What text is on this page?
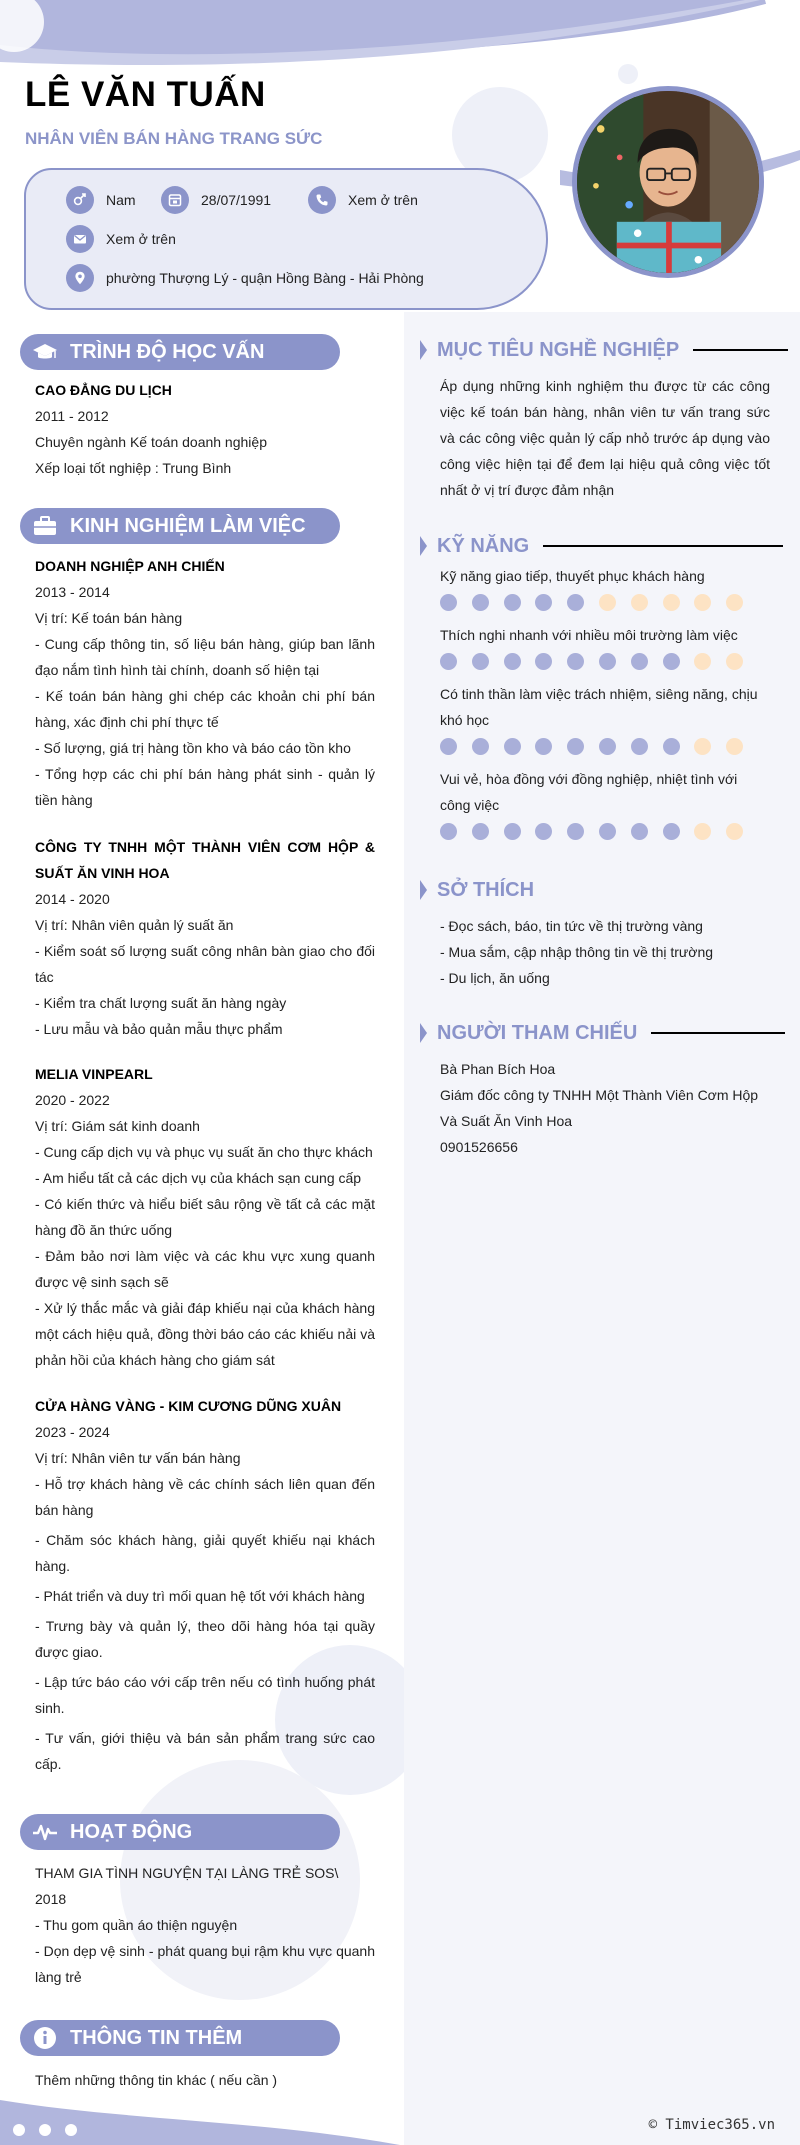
LÊ VĂN TUẤN
NHÂN VIÊN BÁN HÀNG TRANG SỨC
Nam	28/07/1991	Xem ở trên
Xem ở trên
phường Thượng Lý - quận Hồng Bàng - Hải Phòng
TRÌNH ĐỘ HỌC VẤN
CAO ĐẲNG DU LỊCH
2011 - 2012
Chuyên ngành Kế toán doanh nghiệp
Xếp loại tốt nghiệp : Trung Bình
KINH NGHIỆM LÀM VIỆC
DOANH NGHIỆP ANH CHIẾN
2013 - 2014
Vị trí: Kế toán bán hàng
- Cung cấp thông tin, số liệu bán hàng, giúp ban lãnh đạo nắm tình hình tài chính, doanh số hiện tại
- Kế toán bán hàng ghi chép các khoản chi phí bán hàng, xác định chi phí thực tế
- Số lượng, giá trị hàng tồn kho và báo cáo tồn kho
- Tổng hợp các chi phí bán hàng phát sinh - quản lý tiền hàng
CÔNG TY TNHH MỘT THÀNH VIÊN CƠM HỘP & SUẤT ĂN VINH HOA
2014 - 2020
Vị trí: Nhân viên quản lý suất ăn
- Kiểm soát số lượng suất công nhân bàn giao cho đối tác
- Kiểm tra chất lượng suất ăn hàng ngày
- Lưu mẫu và bảo quản mẫu thực phẩm
MELIA VINPEARL
2020 - 2022
Vị trí: Giám sát kinh doanh
- Cung cấp dịch vụ và phục vụ suất ăn cho thực khách
- Am hiểu tất cả các dịch vụ của khách sạn cung cấp
- Có kiến thức và hiểu biết sâu rộng về tất cả các mặt hàng đồ ăn thức uống
- Đảm bảo nơi làm việc và các khu vực xung quanh được vệ sinh sạch sẽ
- Xử lý thắc mắc và giải đáp khiếu nại của khách hàng một cách hiệu quả, đồng thời báo cáo các khiếu nải và phản hồi của khách hàng cho giám sát
CỬA HÀNG VÀNG - KIM CƯƠNG DŨNG XUÂN
2023 - 2024
Vị trí: Nhân viên tư vấn bán hàng
- Hỗ trợ khách hàng về các chính sách liên quan đến bán hàng
- Chăm sóc khách hàng, giải quyết khiếu nại khách hàng.
- Phát triển và duy trì mối quan hệ tốt với khách hàng
- Trưng bày và quản lý, theo dõi hàng hóa tại quầy được giao.
- Lập tức báo cáo với cấp trên nếu có tình huống phát sinh.
- Tư vấn, giới thiệu và bán sản phẩm trang sức cao cấp.
HOẠT ĐỘNG
THAM GIA TÌNH NGUYỆN TẠI LÀNG TRẺ SOS\
2018
- Thu gom quần áo thiện nguyện
- Dọn dẹp vệ sinh - phát quang bụi rậm khu vực quanh làng trẻ
THÔNG TIN THÊM
Thêm những thông tin khác ( nếu cần )
MỤC TIÊU NGHỀ NGHIỆP
Áp dụng những kinh nghiệm thu được từ các công việc kế toán bán hàng, nhân viên tư vấn trang sức và các công việc quản lý cấp nhỏ trước áp dụng vào công việc hiện tại để đem lại hiệu quả công việc tốt nhất ở vị trí được đảm nhận
KỸ NĂNG
Kỹ năng giao tiếp, thuyết phục khách hàng
Thích nghi nhanh với nhiều môi trường làm việc
Có tinh thần làm việc trách nhiệm, siêng năng, chịu khó học
Vui vẻ, hòa đồng với đồng nghiệp, nhiệt tình với công việc
SỞ THÍCH
- Đọc sách, báo, tin tức về thị trường vàng
- Mua sắm, cập nhập thông tin về thị trường
- Du lịch, ăn uống
NGƯỜI THAM CHIẾU
Bà Phan Bích Hoa
Giám đốc công ty TNHH Một Thành Viên Cơm Hộp Và Suất Ăn Vinh Hoa
0901526656
© Timviec365.vn
